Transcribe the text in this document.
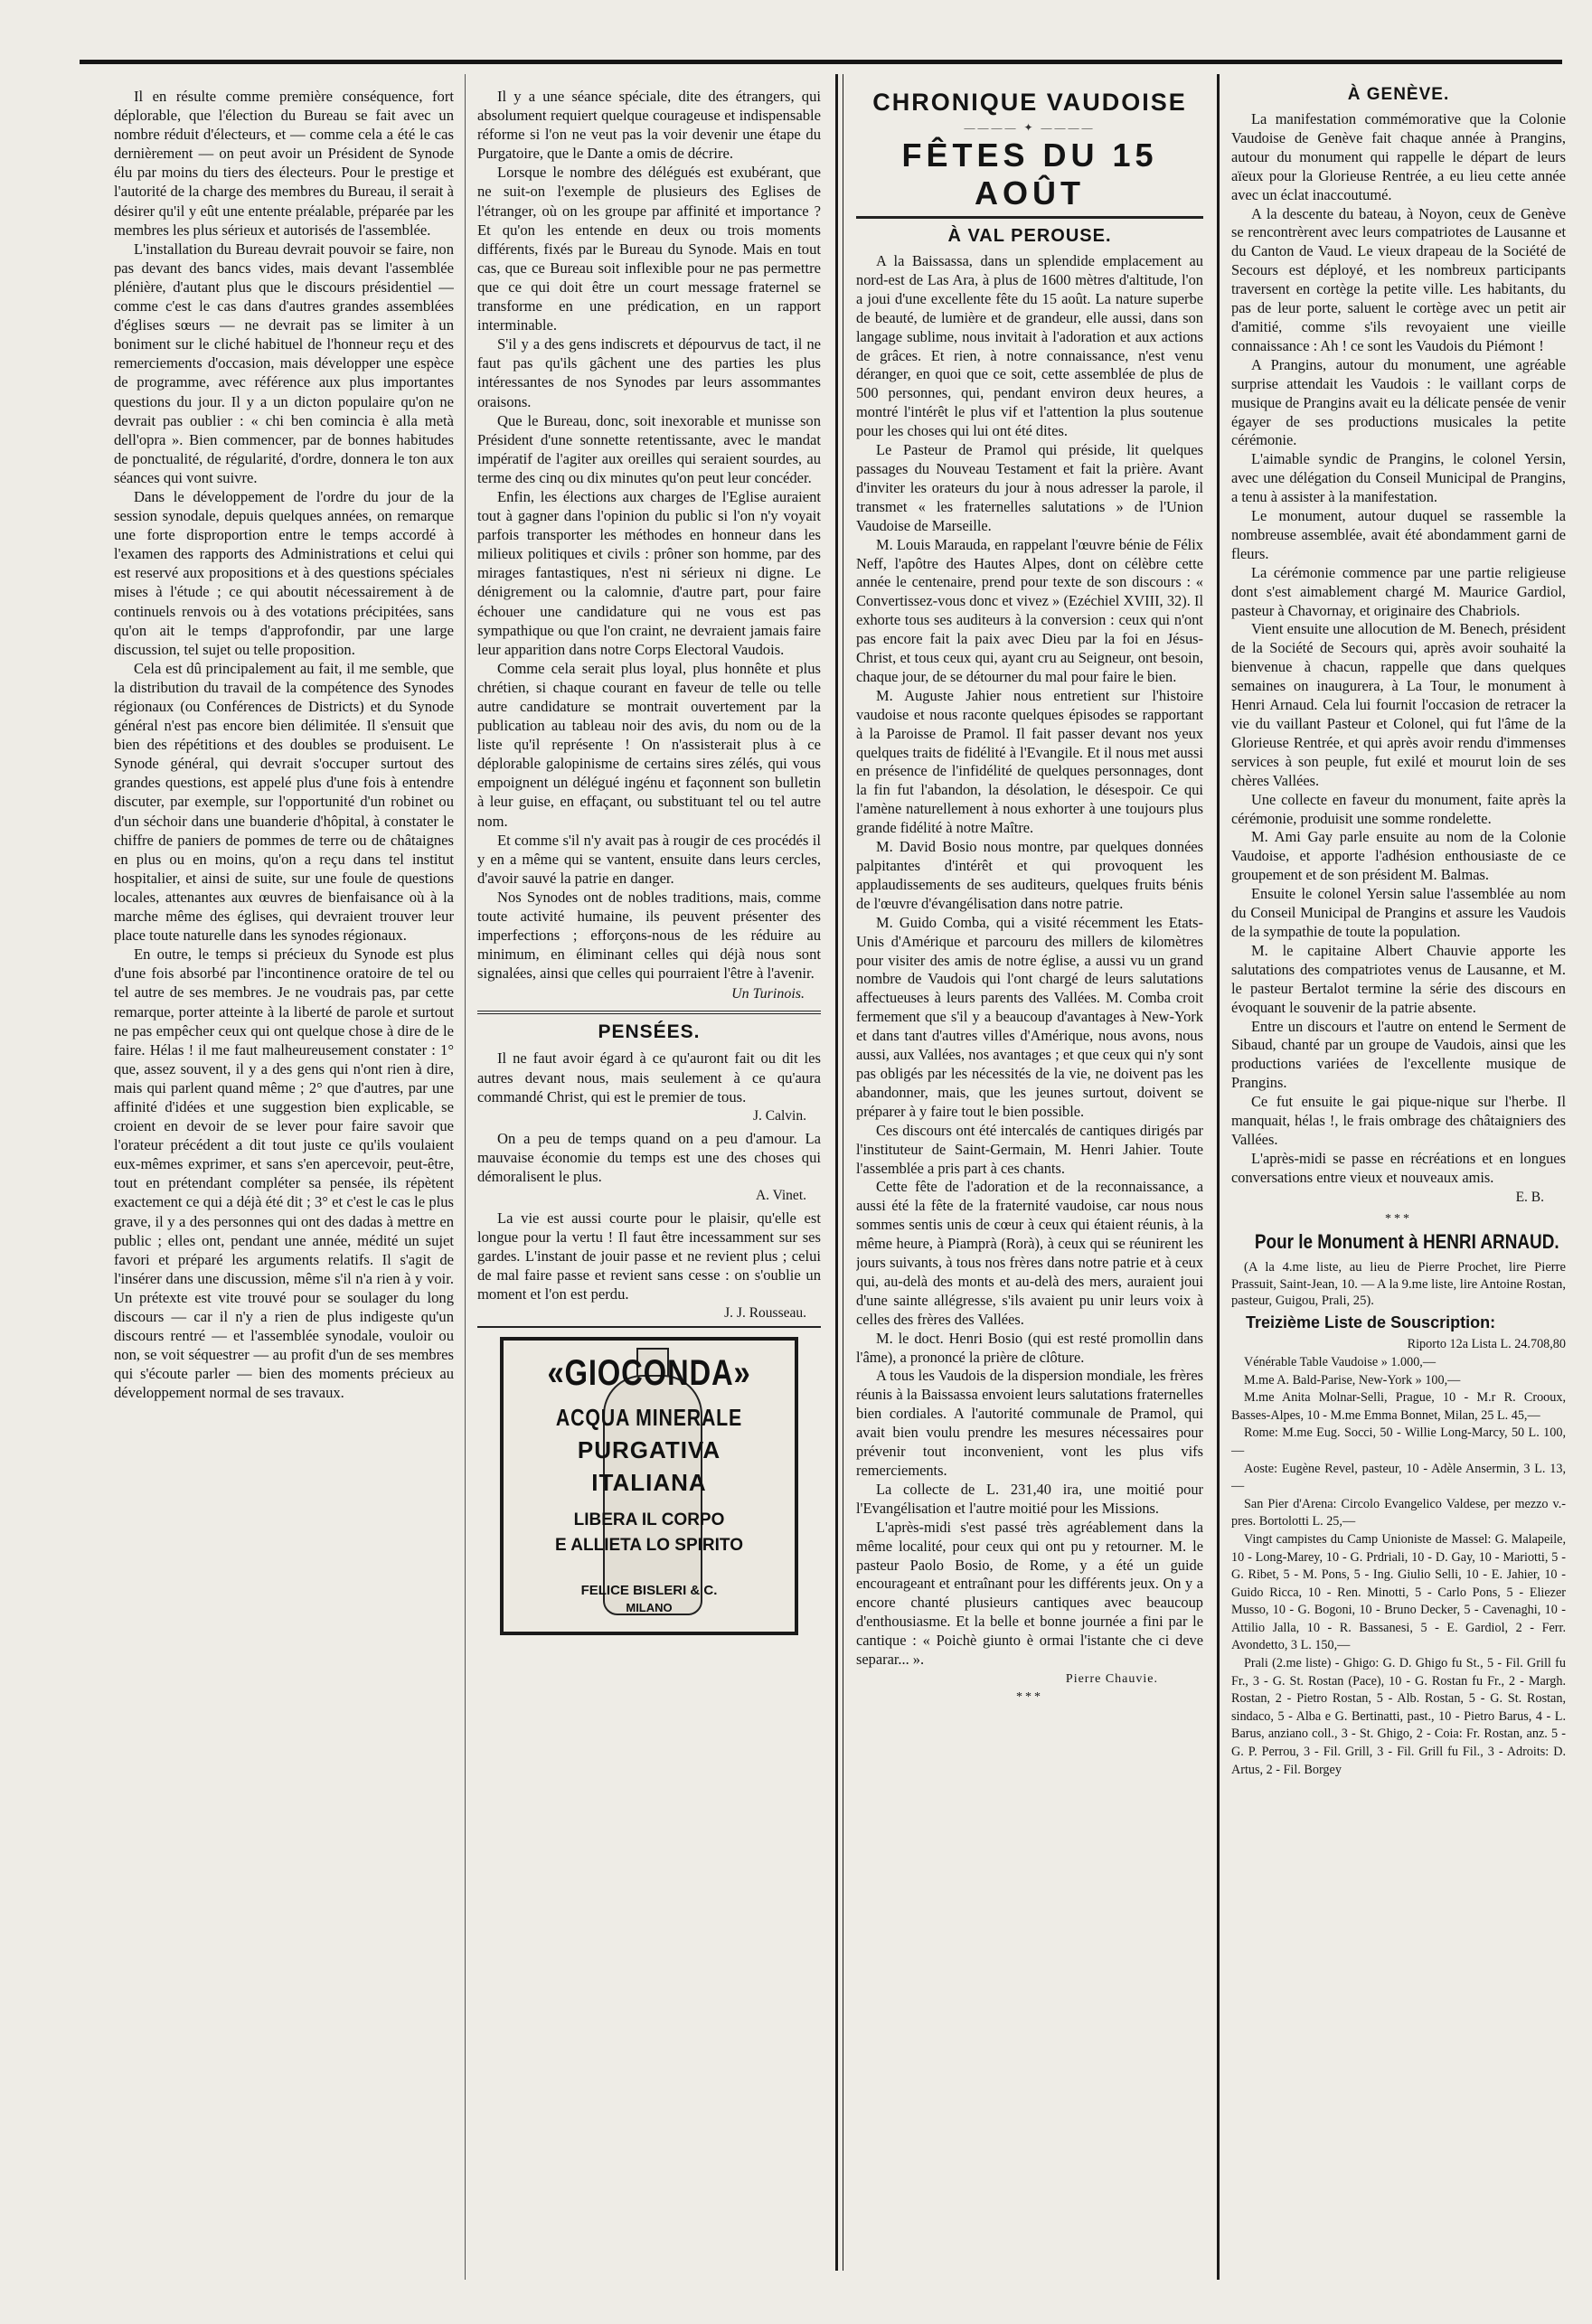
Il en résulte comme première conséquence, fort déplorable, que l'élection du Bureau se fait avec un nombre réduit d'électeurs, et — comme cela a été le cas dernièrement — on peut avoir un Président de Synode élu par moins du tiers des électeurs. Pour le prestige et l'autorité de la charge des membres du Bureau, il serait à désirer qu'il y eût une entente préalable, préparée par les membres les plus sérieux et autorisés de l'assemblée.

L'installation du Bureau devrait pouvoir se faire, non pas devant des bancs vides, mais devant l'assemblée plénière, d'autant plus que le discours présidentiel — comme c'est le cas dans d'autres grandes assemblées d'églises sœurs — ne devrait pas se limiter à un boniment sur le cliché habituel de l'honneur reçu et des remerciements d'occasion, mais développer une espèce de programme, avec référence aux plus importantes questions du jour. Il y a un dicton populaire qu'on ne devrait pas oublier : « chi ben comincia è alla metà dell'opra ». Bien commencer, par de bonnes habitudes de ponctualité, de régularité, d'ordre, donnera le ton aux séances qui vont suivre.

Dans le développement de l'ordre du jour de la session synodale, depuis quelques années, on remarque une forte disproportion entre le temps accordé à l'examen des rapports des Administrations et celui qui est reservé aux propositions et à des questions spéciales mises à l'étude ; ce qui aboutit nécessairement à de continuels renvois ou à des votations précipitées, sans qu'on ait le temps d'approfondir, par une large discussion, tel sujet ou telle proposition.

Cela est dû principalement au fait, il me semble, que la distribution du travail de la compétence des Synodes régionaux (ou Conférences de Districts) et du Synode général n'est pas encore bien délimitée. Il s'ensuit que bien des répétitions et des doubles se produisent. Le Synode général, qui devrait s'occuper surtout des grandes questions, est appelé plus d'une fois à entendre discuter, par exemple, sur l'opportunité d'un robinet ou d'un séchoir dans une buanderie d'hôpital, à constater le chiffre de paniers de pommes de terre ou de châtaignes en plus ou en moins, qu'on a reçu dans tel institut hospitalier, et ainsi de suite, sur une foule de questions locales, attenantes aux œuvres de bienfaisance où à la marche même des églises, qui devraient trouver leur place toute naturelle dans les synodes régionaux.

En outre, le temps si précieux du Synode est plus d'une fois absorbé par l'incontinence oratoire de tel ou tel autre de ses membres. Je ne voudrais pas, par cette remarque, porter atteinte à la liberté de parole et surtout ne pas empêcher ceux qui ont quelque chose à dire de le faire. Hélas ! il me faut malheureusement constater : 1° que, assez souvent, il y a des gens qui n'ont rien à dire, mais qui parlent quand même ; 2° que d'autres, par une affinité d'idées et une suggestion bien explicable, se croient en devoir de se lever pour faire savoir que l'orateur précédent a dit tout juste ce qu'ils voulaient eux-mêmes exprimer, et sans s'en apercevoir, peut-être, tout en prétendant compléter sa pensée, ils répètent exactement ce qui a déjà été dit ; 3° et c'est le cas le plus grave, il y a des personnes qui ont des dadas à mettre en public ; elles ont, pendant une année, médité un sujet favori et préparé les arguments relatifs. Il s'agit de l'insérer dans une discussion, même s'il n'a rien à y voir. Un prétexte est vite trouvé pour se soulager du long discours — car il n'y a rien de plus indigeste qu'un discours rentré — et l'assemblée synodale, vouloir ou non, se voit séquestrer — au profit d'un de ses membres qui s'écoute parler — bien des moments précieux au développement normal de ses travaux.

Il y a une séance spéciale, dite des étrangers, qui absolument requiert quelque courageuse et indispensable réforme si l'on ne veut pas la voir devenir une étape du Purgatoire, que le Dante a omis de décrire.

Lorsque le nombre des délégués est exubérant, que ne suit-on l'exemple de plusieurs des Eglises de l'étranger, où on les groupe par affinité et importance ? Et qu'on les entende en deux ou trois moments différents, fixés par le Bureau du Synode. Mais en tout cas, que ce Bureau soit inflexible pour ne pas permettre que ce qui doit être un court message fraternel se transforme en une prédication, en un rapport interminable.

S'il y a des gens indiscrets et dépourvus de tact, il ne faut pas qu'ils gâchent une des parties les plus intéressantes de nos Synodes par leurs assommantes oraisons.

Que le Bureau, donc, soit inexorable et munisse son Président d'une sonnette retentissante, avec le mandat impératif de l'agiter aux oreilles qui seraient sourdes, au terme des cinq ou dix minutes qu'on peut leur concéder.

Enfin, les élections aux charges de l'Eglise auraient tout à gagner dans l'opinion du public si l'on n'y voyait parfois transporter les méthodes en honneur dans les milieux politiques et civils : prôner son homme, par des mirages fantastiques, n'est ni sérieux ni digne. Le dénigrement ou la calomnie, d'autre part, pour faire échouer une candidature qui ne vous est pas sympathique ou que l'on craint, ne devraient jamais faire leur apparition dans notre Corps Electoral Vaudois.

Comme cela serait plus loyal, plus honnête et plus chrétien, si chaque courant en faveur de telle ou telle autre candidature se montrait ouvertement par la publication au tableau noir des avis, du nom ou de la liste qu'il représente ! On n'assisterait plus à ce déplorable galopinisme de certains sires zélés, qui vous empoignent un délégué ingénu et façonnent son bulletin à leur guise, en effaçant, ou substituant tel ou tel autre nom.

Et comme s'il n'y avait pas à rougir de ces procédés il y en a même qui se vantent, ensuite dans leurs cercles, d'avoir sauvé la patrie en danger.

Nos Synodes ont de nobles traditions, mais, comme toute activité humaine, ils peuvent présenter des imperfections ; efforçons-nous de les réduire au minimum, en éliminant celles qui déjà nous sont signalées, ainsi que celles qui pourraient l'être à l'avenir.

Un Turinois.
PENSÉES.

Il ne faut avoir égard à ce qu'auront fait ou dit les autres devant nous, mais seulement à ce qu'aura commandé Christ, qui est le premier de tous.

J. Calvin.

On a peu de temps quand on a peu d'amour. La mauvaise économie du temps est une des choses qui démoralisent le plus.

A. Vinet.

La vie est aussi courte pour le plaisir, qu'elle est longue pour la vertu ! Il faut être incessamment sur ses gardes. L'instant de jouir passe et ne revient plus ; celui de mal faire passe et revient sans cesse : on s'oublie un moment et l'on est perdu.

J. J. Rousseau.
«GIOCONDA»
ACQUA MINERALE
PURGATIVA
ITALIANA
LIBERA IL CORPO
E ALLIETA LO SPIRITO
FELICE BISLERI & C.
MILANO
CHRONIQUE VAUDOISE
———— ✦ ————
FÊTES DU 15 AOÛT
À VAL PEROUSE.

A la Baissassa, dans un splendide emplacement au nord-est de Las Ara, à plus de 1600 mètres d'altitude, l'on a joui d'une excellente fête du 15 août. La nature superbe de beauté, de lumière et de grandeur, elle aussi, dans son langage sublime, nous invitait à l'adoration et aux actions de grâces. Et rien, à notre connaissance, n'est venu déranger, en quoi que ce soit, cette assemblée de plus de 500 personnes, qui, pendant environ deux heures, a montré l'intérêt le plus vif et l'attention la plus soutenue pour les choses qui lui ont été dites.

Le Pasteur de Pramol qui préside, lit quelques passages du Nouveau Testament et fait la prière. Avant d'inviter les orateurs du jour à nous adresser la parole, il transmet « les fraternelles salutations » de l'Union Vaudoise de Marseille.

M. Louis Marauda, en rappelant l'œuvre bénie de Félix Neff, l'apôtre des Hautes Alpes, dont on célèbre cette année le centenaire, prend pour texte de son discours : « Convertissez-vous donc et vivez » (Ezéchiel XVIII, 32). Il exhorte tous ses auditeurs à la conversion : ceux qui n'ont pas encore fait la paix avec Dieu par la foi en Jésus-Christ, et tous ceux qui, ayant cru au Seigneur, ont besoin, chaque jour, de se détourner du mal pour faire le bien.

M. Auguste Jahier nous entretient sur l'histoire vaudoise et nous raconte quelques épisodes se rapportant à la Paroisse de Pramol. Il fait passer devant nos yeux quelques traits de fidélité à l'Evangile. Et il nous met aussi en présence de l'infidélité de quelques personnages, dont la fin fut l'abandon, la désolation, le désespoir. Ce qui l'amène naturellement à nous exhorter à une toujours plus grande fidélité à notre Maître.

M. David Bosio nous montre, par quelques données palpitantes d'intérêt et qui provoquent les applaudissements de ses auditeurs, quelques fruits bénis de l'œuvre d'évangélisation dans notre patrie.

M. Guido Comba, qui a visité récemment les Etats-Unis d'Amérique et parcouru des millers de kilomètres pour visiter des amis de notre église, a aussi vu un grand nombre de Vaudois qui l'ont chargé de leurs salutations affectueuses à leurs parents des Vallées. M. Comba croit fermement que s'il y a beaucoup d'avantages à New-York et dans tant d'autres villes d'Amérique, nous avons, nous aussi, aux Vallées, nos avantages ; et que ceux qui n'y sont pas obligés par les nécessités de la vie, ne doivent pas les abandonner, mais, que les jeunes surtout, doivent se préparer à y faire tout le bien possible.

Ces discours ont été intercalés de cantiques dirigés par l'instituteur de Saint-Germain, M. Henri Jahier. Toute l'assemblée a pris part à ces chants.

Cette fête de l'adoration et de la reconnaissance, a aussi été la fête de la fraternité vaudoise, car nous nous sommes sentis unis de cœur à ceux qui étaient réunis, à la même heure, à Piamprà (Rorà), à ceux qui se réunirent les jours suivants, à tous nos frères dans notre patrie et à ceux qui, au-delà des monts et au-delà des mers, auraient joui d'une sainte allégresse, s'ils avaient pu unir leurs voix à celles des frères des Vallées.

M. le doct. Henri Bosio (qui est resté promollin dans l'âme), a prononcé la prière de clôture.

A tous les Vaudois de la dispersion mondiale, les frères réunis à la Baissassa envoient leurs salutations fraternelles bien cordiales. A l'autorité communale de Pramol, qui avait bien voulu prendre les mesures nécessaires pour prévenir tout inconvenient, vont les plus vifs remerciements.

La collecte de L. 231,40 ira, une moitié pour l'Evangélisation et l'autre moitié pour les Missions.

L'après-midi s'est passé très agréablement dans la même localité, pour ceux qui ont pu y retourner. M. le pasteur Paolo Bosio, de Rome, y a été un guide encourageant et entraînant pour les différents jeux. On y a encore chanté plusieurs cantiques avec beaucoup d'enthousiasme. Et la belle et bonne journée a fini par le cantique : « Poichè giunto è ormai l'istante che ci deve separar... ».

Pierre Chauvie.
***
À GENÈVE.

La manifestation commémorative que la Colonie Vaudoise de Genève fait chaque année à Prangins, autour du monument qui rappelle le départ de leurs aïeux pour la Glorieuse Rentrée, a eu lieu cette année avec un éclat inaccoutumé.

A la descente du bateau, à Noyon, ceux de Genève se rencontrèrent avec leurs compatriotes de Lausanne et du Canton de Vaud. Le vieux drapeau de la Société de Secours est déployé, et les nombreux participants traversent en cortège la petite ville. Les habitants, du pas de leur porte, saluent le cortège avec un petit air d'amitié, comme s'ils revoyaient une vieille connaissance : Ah ! ce sont les Vaudois du Piémont !

A Prangins, autour du monument, une agréable surprise attendait les Vaudois : le vaillant corps de musique de Prangins avait eu la délicate pensée de venir égayer de ses productions musicales la petite cérémonie.

L'aimable syndic de Prangins, le colonel Yersin, avec une délégation du Conseil Municipal de Prangins, a tenu à assister à la manifestation.

Le monument, autour duquel se rassemble la nombreuse assemblée, avait été abondamment garni de fleurs.

La cérémonie commence par une partie religieuse dont s'est aimablement chargé M. Maurice Gardiol, pasteur à Chavornay, et originaire des Chabriols.

Vient ensuite une allocution de M. Benech, président de la Société de Secours qui, après avoir souhaité la bienvenue à chacun, rappelle que dans quelques semaines on inaugurera, à La Tour, le monument à Henri Arnaud. Cela lui fournit l'occasion de retracer la vie du vaillant Pasteur et Colonel, qui fut l'âme de la Glorieuse Rentrée, et qui après avoir rendu d'immenses services à son peuple, fut exilé et mourut loin de ses chères Vallées.

Une collecte en faveur du monument, faite après la cérémonie, produisit une somme rondelette.

M. Ami Gay parle ensuite au nom de la Colonie Vaudoise, et apporte l'adhésion enthousiaste de ce groupement et de son président M. Balmas.

Ensuite le colonel Yersin salue l'assemblée au nom du Conseil Municipal de Prangins et assure les Vaudois de la sympathie de toute la population.

M. le capitaine Albert Chauvie apporte les salutations des compatriotes venus de Lausanne, et M. le pasteur Bertalot termine la série des discours en évoquant le souvenir de la patrie absente.

Entre un discours et l'autre on entend le Serment de Sibaud, chanté par un groupe de Vaudois, ainsi que les productions variées de l'excellente musique de Prangins.

Ce fut ensuite le gai pique-nique sur l'herbe. Il manquait, hélas !, le frais ombrage des châtaigniers des Vallées.

L'après-midi se passe en récréations et en longues conversations entre vieux et nouveaux amis.

E. B.
***
Pour le Monument à HENRI ARNAUD.
(A la 4.me liste, au lieu de Pierre Prochet, lire Pierre Prassuit, Saint-Jean, 10. — A la 9.me liste, lire Antoine Rostan, pasteur, Guigou, Prali, 25).
Treizième Liste de Souscription:
Riporto 12a Lista L. 24.708,80
Vénérable Table Vaudoise » 1.000,—
M.me A. Bald-Parise, New-York » 100,—
M.me Anita Molnar-Selli, Prague, 10 - M.r R. Crooux, Basses-Alpes, 10 - M.me Emma Bonnet, Milan, 25 L. 45,—
Rome: M.me Eug. Socci, 50 - Willie Long-Marcy, 50 L. 100,—
Aoste: Eugène Revel, pasteur, 10 - Adèle Ansermin, 3 L. 13,—
San Pier d'Arena: Circolo Evangelico Valdese, per mezzo v.-pres. Bortolotti L. 25,—
Vingt campistes du Camp Unioniste de Massel: G. Malapeile, 10 - Long-Marey, 10 - G. Prdriali, 10 - D. Gay, 10 - Mariotti, 5 - G. Ribet, 5 - M. Pons, 5 - Ing. Giulio Selli, 10 - E. Jahier, 10 - Guido Ricca, 10 - Ren. Minotti, 5 - Carlo Pons, 5 - Eliezer Musso, 10 - G. Bogoni, 10 - Bruno Decker, 5 - Cavenaghi, 10 - Attilio Jalla, 10 - R. Bassanesi, 5 - E. Gardiol, 2 - Ferr. Avondetto, 3 L. 150,—
Prali (2.me liste) - Ghigo: G. D. Ghigo fu St., 5 - Fil. Grill fu Fr., 3 - G. St. Rostan (Pace), 10 - G. Rostan fu Fr., 2 - Margh. Rostan, 2 - Pietro Rostan, 5 - Alb. Rostan, 5 - G. St. Rostan, sindaco, 5 - Alba e G. Bertinatti, past., 10 - Pietro Barus, 4 - L. Barus, anziano coll., 3 - St. Ghigo, 2 - Coia: Fr. Rostan, anz. 5 - G. P. Perrou, 3 - Fil. Grill, 3 - Fil. Grill fu Fil., 3 - Adroits: D. Artus, 2 - Fil. Borgey
